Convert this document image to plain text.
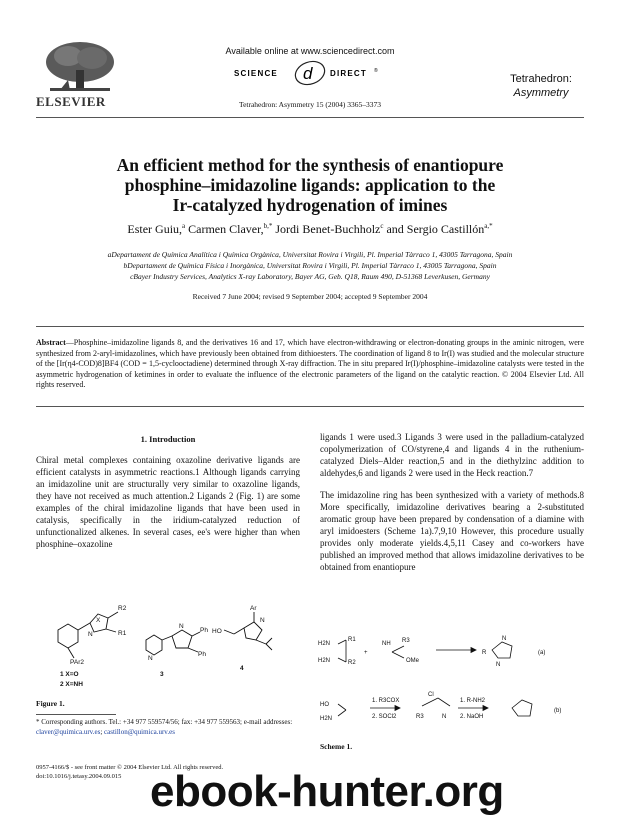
ELSEVIER
Available online at www.sciencedirect.com
SCIENCE d DIRECT ®
Tetrahedron: Asymmetry 15 (2004) 3365–3373
Tetrahedron:
Asymmetry
An efficient method for the synthesis of enantiopure
phosphine–imidazoline ligands: application to the
Ir-catalyzed hydrogenation of imines
Ester Guiu,$^a$ Carmen Claver,$^{b,*}$ Jordi Benet-Buchholz$^c$ and Sergio Castillón$^{a,*}$
aDepartament de Química Analítica i Química Orgànica, Universitat Rovira i Virgili, Pl. Imperial Tàrraco 1, 43005 Tarragona, Spain
bDepartament de Química Física i Inorgànica, Universitat Rovira i Virgili, Pl. Imperial Tàrraco 1, 43005 Tarragona, Spain
cBayer Industry Services, Analytics X-ray Laboratory, Bayer AG, Geb. Q18, Raum 490, D-51368 Leverkusen, Germany
Received 7 June 2004; revised 9 September 2004; accepted 9 September 2004
Abstract—Phosphine–imidazoline ligands 8, and the derivatives 16 and 17, which have electron-withdrawing or electron-donating groups in the aminic nitrogen, were synthesized from 2-aryl-imidazolines, which have previously been obtained from dithioesters. The coordination of ligand 8 to Ir(I) was studied and the molecular structure of the [Ir(η4-COD)8]BF4 (COD = 1,5-cyclooctadiene) determined through X-ray diffraction. The in situ prepared Ir(I)/phosphine–imidazoline catalysts were tested in the asymmetric hydrogenation of ketimines in order to evaluate the influence of the electronic parameters of the ligand on the catalytic reaction. © 2004 Elsevier Ltd. All rights reserved.
1. Introduction
Chiral metal complexes containing oxazoline derivative ligands are efficient catalysts in asymmetric reactions.1 Although ligands carrying an imidazoline unit are structurally very similar to oxazoline ligands, they have not received as much attention.2 Ligands 2 (Fig. 1) are some examples of the chiral imidazoline ligands that have been used in catalysis, specifically in the iridium-catalyzed reduction of unfunctionalized alkenes. In several cases, ee's were higher than when phosphine–oxazoline

ligands 1 were used.3 Ligands 3 were used in the palladium-catalyzed copolymerization of CO/styrene,4 and ligands 4 in the ruthenium-catalyzed Diels–Alder reaction,5 and in the diethylzinc addition to aldehydes,6 and ligands 2 were used in the Heck reaction.7

The imidazoline ring has been synthesized with a variety of methods.8 More specifically, imidazoline derivatives bearing a 2-substituted aromatic group have been prepared by condensation of a diamine with aryl imidoesters (Scheme 1a).7,9,10 However, this procedure usually provides only moderate yields.4,5,11 Casey and co-workers have published an improved method that allows imidazoline derivatives to be obtained from enantiopure

X
R2
R1
N
PAr2
Ph
Ph
N
N
Ar
HO
N
1 X=O
2 X=NH
3
4
Figure 1.
H2N
H2N
R1
R2
+
NH R3
OMe
R
N
N
(a)
HO
H2N
1. R3COX
2. SOCl2
Cl
R3	N
1. R-NH2
2. NaOH
(b)
Scheme 1.
* Corresponding authors. Tel.: +34 977 559574/56; fax: +34 977 559563; e-mail addresses: claver@quimica.urv.es; castillon@quimica.urv.es
0957-4166/$ - see front matter © 2004 Elsevier Ltd. All rights reserved.
doi:10.1016/j.tetasy.2004.09.015 ebook-hunter.org
